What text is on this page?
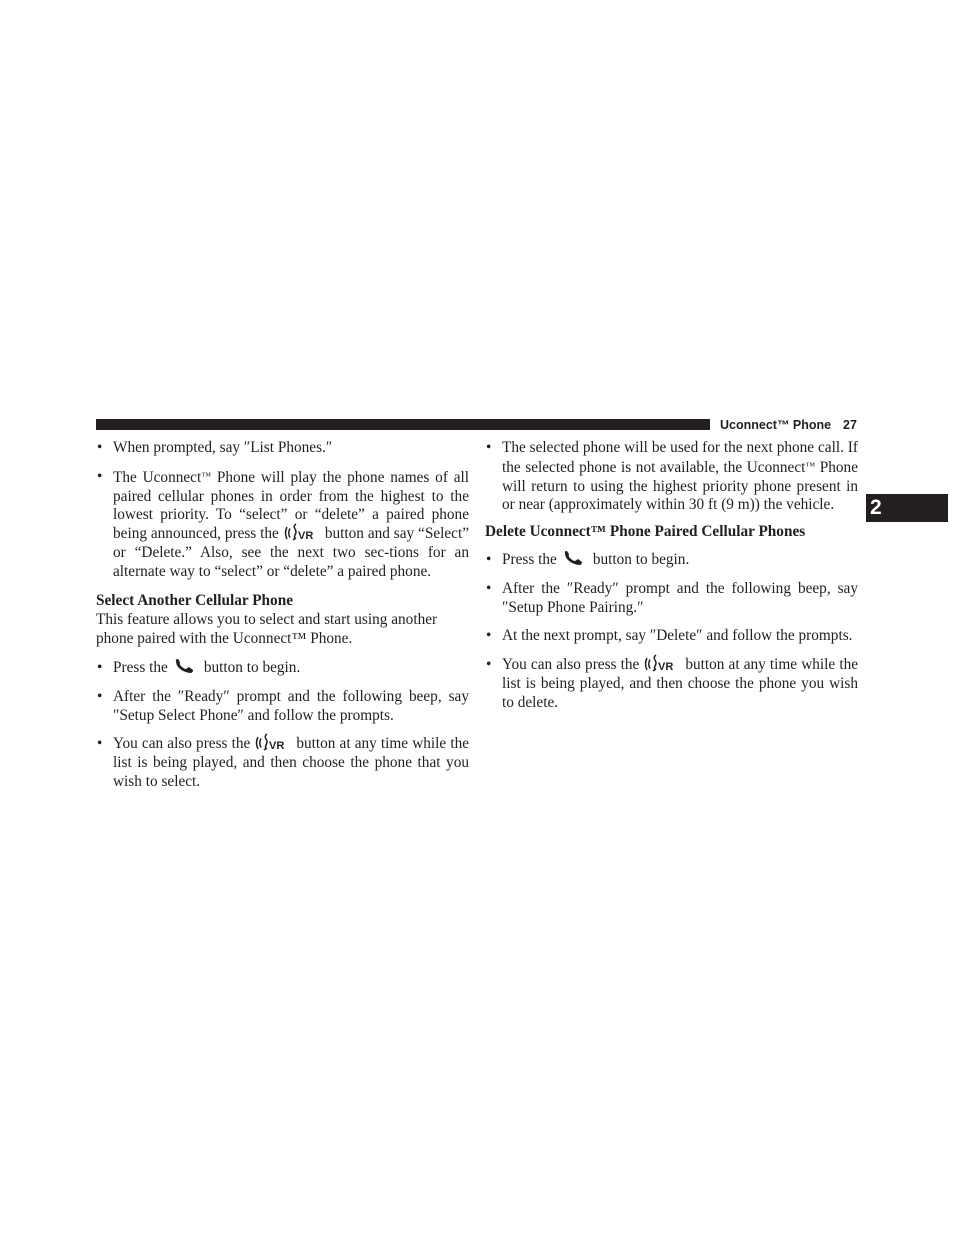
Uconnect™ Phone 27
2
• When prompted, say ″List Phones.″
• The Uconnect™ Phone will play the phone names of all paired cellular phones in order from the highest to the lowest priority. To “select” or “delete” a paired phone being announced, press the VR button and say “Select” or “Delete.” Also, see the next two sec-tions for an alternate way to “select” or “delete” a paired phone.
Select Another Cellular Phone

This feature allows you to select and start using another phone paired with the Uconnect™ Phone.

• Press the button to begin.
• After the ″Ready″ prompt and the following beep, say ″Setup Select Phone″ and follow the prompts.
• You can also press the VR button at any time while the list is being played, and then choose the phone that you wish to select.
• The selected phone will be used for the next phone call. If the selected phone is not available, the Uconnect™ Phone will return to using the highest priority phone present in or near (approximately within 30 ft (9 m)) the vehicle.
Delete Uconnect™ Phone Paired Cellular Phones
• Press the button to begin.
• After the ″Ready″ prompt and the following beep, say ″Setup Phone Pairing.″
• At the next prompt, say ″Delete″ and follow the prompts.
• You can also press the VR button at any time while the list is being played, and then choose the phone you wish to delete.
